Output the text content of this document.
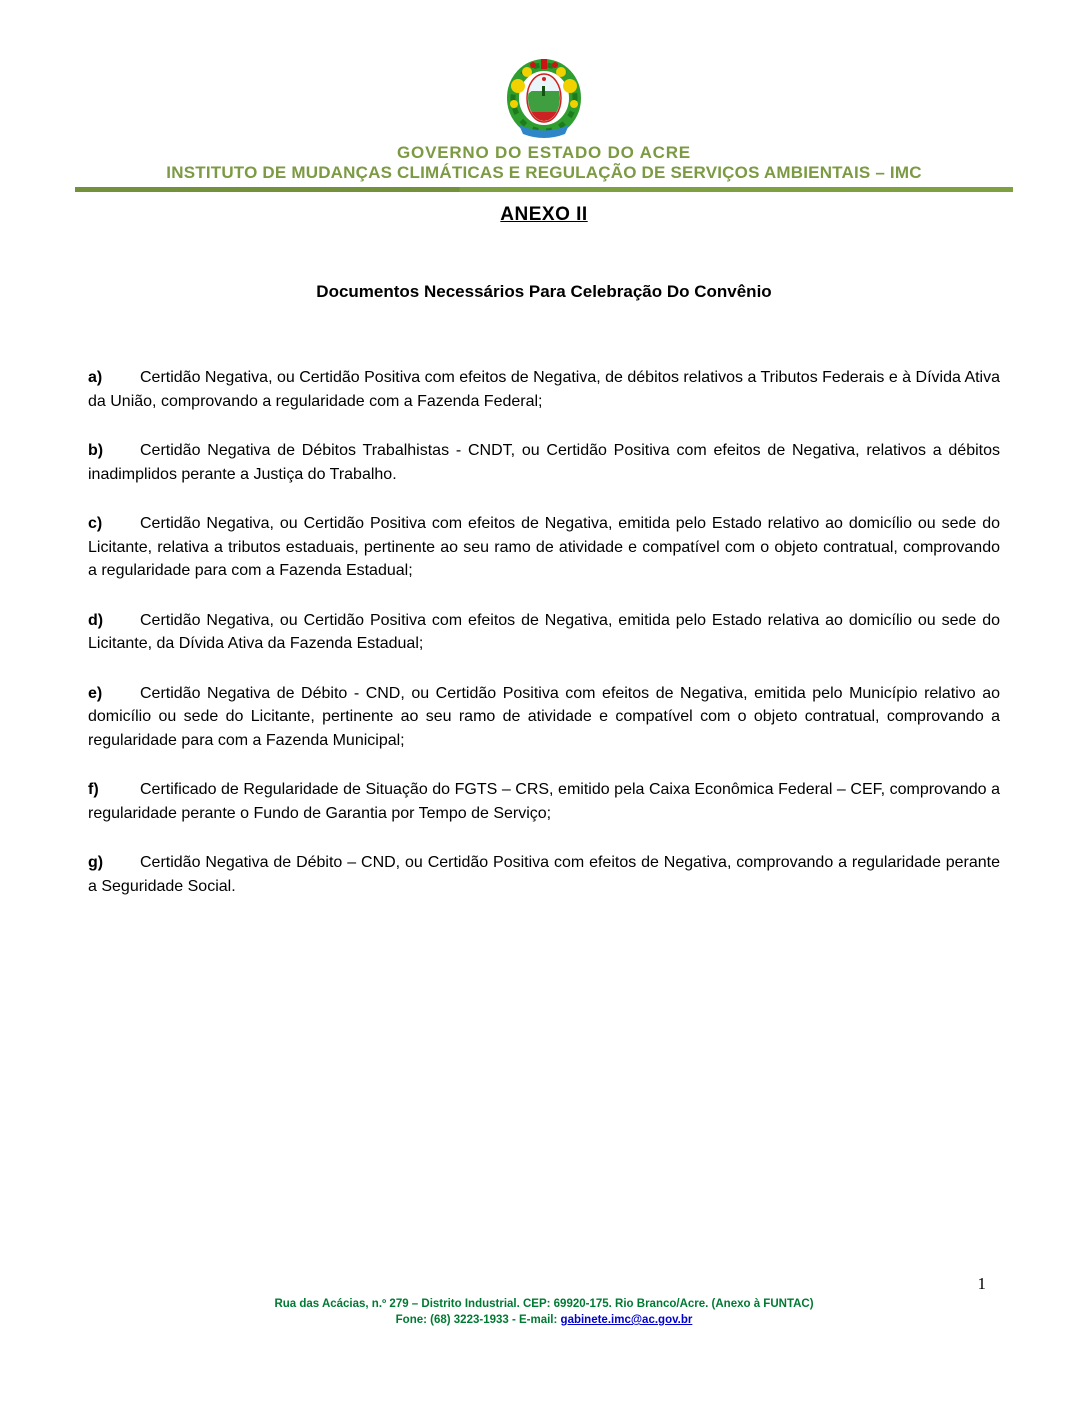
GOVERNO DO ESTADO DO ACRE
INSTITUTO DE MUDANÇAS CLIMÁTICAS E REGULAÇÃO DE SERVIÇOS AMBIENTAIS – IMC
ANEXO II
Documentos Necessários Para Celebração Do Convênio

a) Certidão Negativa, ou Certidão Positiva com efeitos de Negativa, de débitos relativos a Tributos Federais e à Dívida Ativa da União, comprovando a regularidade com a Fazenda Federal;

b) Certidão Negativa de Débitos Trabalhistas - CNDT, ou Certidão Positiva com efeitos de Negativa, relativos a débitos inadimplidos perante a Justiça do Trabalho.

c) Certidão Negativa, ou Certidão Positiva com efeitos de Negativa, emitida pelo Estado relativo ao domicílio ou sede do Licitante, relativa a tributos estaduais, pertinente ao seu ramo de atividade e compatível com o objeto contratual, comprovando a regularidade para com a Fazenda Estadual;

d) Certidão Negativa, ou Certidão Positiva com efeitos de Negativa, emitida pelo Estado relativa ao domicílio ou sede do Licitante, da Dívida Ativa da Fazenda Estadual;

e) Certidão Negativa de Débito - CND, ou Certidão Positiva com efeitos de Negativa, emitida pelo Município relativo ao domicílio ou sede do Licitante, pertinente ao seu ramo de atividade e compatível com o objeto contratual, comprovando a regularidade para com a Fazenda Municipal;

f)	Certificado de Regularidade de Situação do FGTS – CRS, emitido pela Caixa Econômica Federal – CEF, comprovando a regularidade perante o Fundo de Garantia por Tempo de Serviço;

g) Certidão Negativa de Débito – CND, ou Certidão Positiva com efeitos de Negativa, comprovando a regularidade perante a Seguridade Social.

1
Rua das Acácias, n.º 279 – Distrito Industrial. CEP: 69920-175. Rio Branco/Acre. (Anexo à FUNTAC)
Fone: (68) 3223-1933 - E-mail: gabinete.imc@ac.gov.br
